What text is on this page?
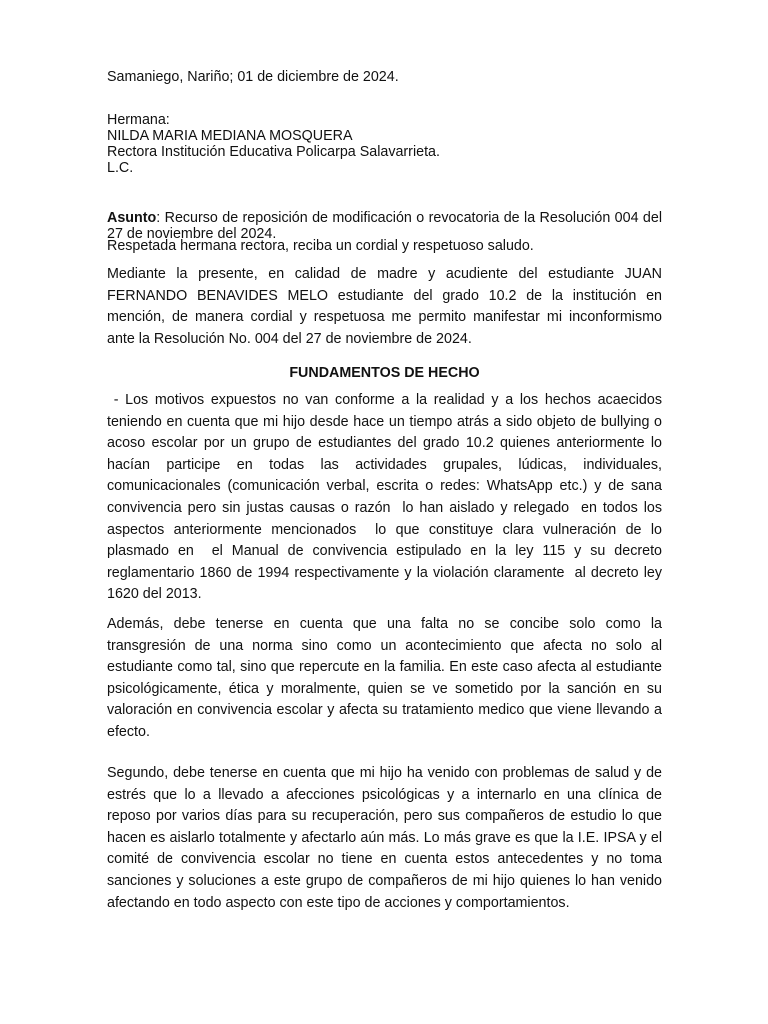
Samaniego, Nariño; 01 de diciembre de 2024.

Hermana:

NILDA MARIA MEDIANA MOSQUERA

Rectora Institución Educativa Policarpa Salavarrieta.

L.C.

Asunto: Recurso de reposición de modificación o revocatoria de la Resolución 004 del 27 de noviembre del 2024.

Respetada hermana rectora, reciba un cordial y respetuoso saludo.

Mediante la presente, en calidad de madre y acudiente del estudiante JUAN FERNANDO BENAVIDES MELO estudiante del grado 10.2 de la institución en mención, de manera cordial y respetuosa me permito manifestar mi inconformismo ante la Resolución No. 004 del 27 de noviembre de 2024.

FUNDAMENTOS DE HECHO

- Los motivos expuestos no van conforme a la realidad y a los hechos acaecidos teniendo en cuenta que mi hijo desde hace un tiempo atrás a sido objeto de bullying o acoso escolar por un grupo de estudiantes del grado 10.2 quienes anteriormente lo hacían participe en todas las actividades grupales, lúdicas, individuales, comunicacionales (comunicación verbal, escrita o redes: WhatsApp etc.) y de sana convivencia pero sin justas causas o razón  lo han aislado y relegado  en todos los aspectos anteriormente mencionados  lo que constituye clara vulneración de lo plasmado en  el Manual de convivencia estipulado en la ley 115 y su decreto reglamentario 1860 de 1994 respectivamente y la violación claramente  al decreto ley 1620 del 2013.

Además, debe tenerse en cuenta que una falta no se concibe solo como la transgresión de una norma sino como un acontecimiento que afecta no solo al estudiante como tal, sino que repercute en la familia. En este caso afecta al estudiante psicológicamente, ética y moralmente, quien se ve sometido por la sanción en su valoración en convivencia escolar y afecta su tratamiento medico que viene llevando a efecto.

Segundo, debe tenerse en cuenta que mi hijo ha venido con problemas de salud y de estrés que lo a llevado a afecciones psicológicas y a internarlo en una clínica de reposo por varios días para su recuperación, pero sus compañeros de estudio lo que hacen es aislarlo totalmente y afectarlo aún más. Lo más grave es que la I.E. IPSA y el comité de convivencia escolar no tiene en cuenta estos antecedentes y no toma sanciones y soluciones a este grupo de compañeros de mi hijo quienes lo han venido afectando en todo aspecto con este tipo de acciones y comportamientos.
